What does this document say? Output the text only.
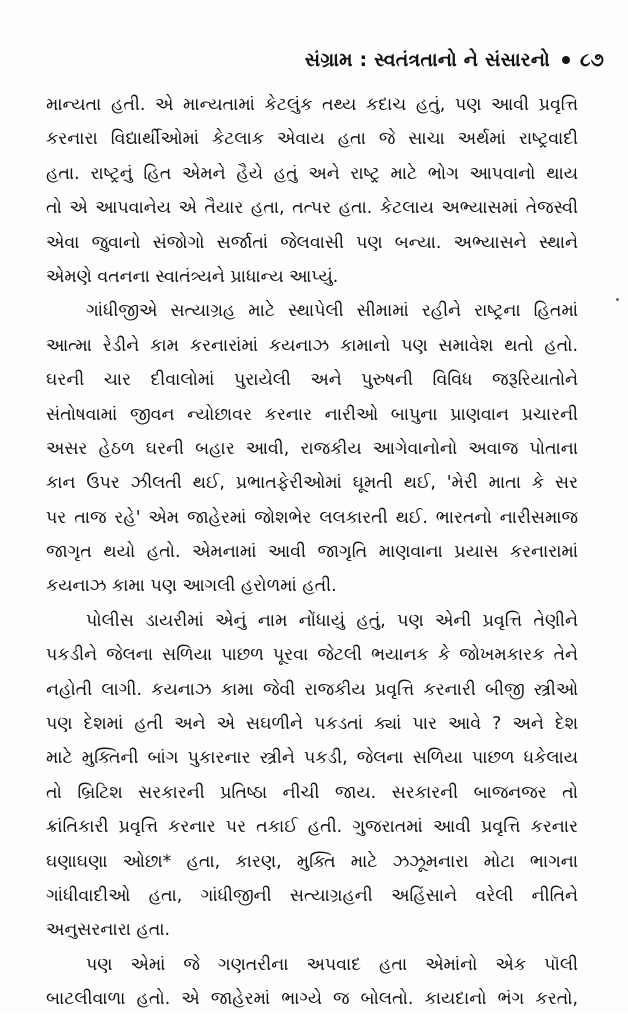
સંગ્રામ : સ્વતંત્રતાનો ને સંસારનો ૮૭
માન્યતા હતી. એ માન્યતામાં કેટલુંક તથ્ય કદાચ હતું, પણ આવી પ્રવૃત્તિ
કરનારા વિદ્યાર્થીઓમાં કેટલાક એવાય હતા જે સાચા અર્થમાં રાષ્ટ્રવાદી
હતા. રાષ્ટ્રનું હિત એમને હૈયે હતું અને રાષ્ટ્ર માટે ભોગ આપવાનો થાય
તો એ આપવાનેય એ તૈયાર હતા, તત્પર હતા. કેટલાય અભ્યાસમાં તેજસ્વી
એવા જુવાનો સંજોગો સર્જાતાં જેલવાસી પણ બન્યા. અભ્યાસને સ્થાને
એમણે વતનના સ્વાતંત્ર્યને પ્રાધાન્ય આપ્યું.
ગાંધીજીએ સત્યાગ્રહ માટે સ્થાપેલી સીમામાં રહીને રાષ્ટ્રના હિતમાં
આત્મા રેડીને કામ કરનારાંમાં કયનાઝ કામાનો પણ સમાવેશ થતો હતો.
ઘરની ચાર દીવાલોમાં પુરાયેલી અને પુરુષની વિવિધ જરૂરિયાતોને
સંતોષવામાં જીવન ન્યોછાવર કરનાર નારીઓ બાપુના પ્રાણવાન પ્રચારની
અસર હેઠળ ઘરની બહાર આવી, રાજકીય આગેવાનોનો અવાજ પોતાના
કાન ઉપર ઝીલતી થઈ, પ્રભાતફેરીઓમાં ઘૂમતી થઈ, 'મેરી માતા કે સર
પર તાજ રહે' એમ જાહેરમાં જોશભેર લલકારતી થઈ. ભારતનો નારીસમાજ
જાગૃત થયો હતો. એમનામાં આવી જાગૃતિ માણવાના પ્રયાસ કરનારામાં
કયનાઝ કામા પણ આગલી હરોળમાં હતી.
પોલીસ ડાયરીમાં એનું નામ નોંધાયું હતું, પણ એની પ્રવૃત્તિ તેણીને
પકડીને જેલના સળિયા પાછળ પૂરવા જેટલી ભયાનક કે જોખમકારક તેને
નહોતી લાગી. કયનાઝ કામા જેવી રાજકીય પ્રવૃત્તિ કરનારી બીજી સ્ત્રીઓ
પણ દેશમાં હતી અને એ સઘળીને પકડતાં ક્યાં પાર આવે ? અને દેશ
માટે મુક્તિની બાંગ પુકારનાર સ્ત્રીને પકડી, જેલના સળિયા પાછળ ધકેલાય
તો બ્રિટિશ સરકારની પ્રતિષ્ઠા નીચી જાય. સરકારની બાજનજર તો
ક્રાંતિકારી પ્રવૃત્તિ કરનાર પર તકાઈ હતી. ગુજરાતમાં આવી પ્રવૃત્તિ કરનાર
ઘણાઘણા ઓછા* હતા, કારણ, મુક્તિ માટે ઝઝૂમનારા મોટા ભાગના
ગાંધીવાદીઓ હતા, ગાંધીજીની સત્યાગ્રહની અહિંસાને વરેલી નીતિને
અનુસરનારા હતા.
પણ એમાં જે ગણતરીના અપવાદ હતા એમાંનો એક પૉલી
બાટલીવાળા હતો. એ જાહેરમાં ભાગ્યે જ બોલતો. કાયદાનો ભંગ કરતો,
